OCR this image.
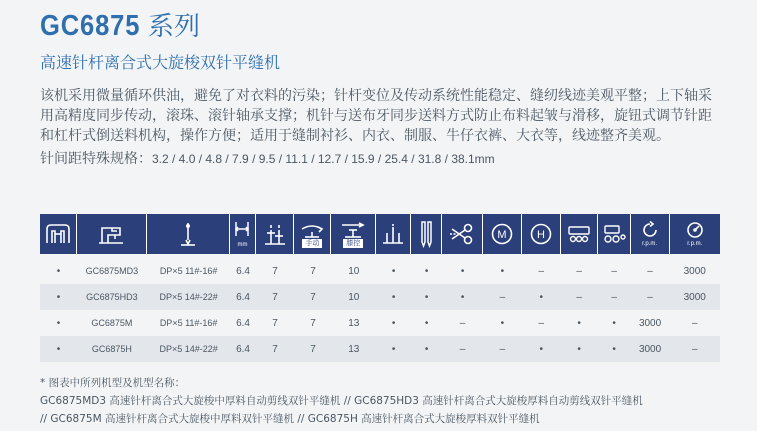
GC6875 系列
高速针杆离合式大旋梭双针平缝机

该机采用微量循环供油，避免了对衣料的污染；针杆变位及传动系统性能稳定、缝纫线迹美观平整；上下轴采

用高精度同步传动，滚珠、滚针轴承支撑；机针与送布牙同步送料方式防止布料起皱与滑移，旋钮式调节针距

和杠杆式倒送料机构，操作方便；适用于缝制衬衫、内衣、制服、牛仔衣裤、大衣等，线迹整齐美观。

针间距特殊规格：3.2 / 4.0 / 4.8 / 7.9 / 9.5 / 11.1 / 12.7 / 15.9 / 25.4 / 31.8 / 38.1mm
mm	手动	膝控
M	H
r.p.m.	r.p.m.
•	GC6875MD3	DP×5 11#-16#	6.4	7	7	10	•	•	•	•	–	–	–	–	3000
•	GC6875HD3	DP×5 14#-22#	6.4	7	7	10	•	•	•	–	•	–	–	–	3000
•	GC6875M	DP×5 11#-16#	6.4	7	7	13	•	•	–	•	–	•	•	3000	–
•	GC6875H	DP×5 14#-22#	6.4	7	7	13	•	•	–	–	•	•	•	3000	–

* 图表中所列机型及机型名称：

GC6875MD3 高速针杆离合式大旋梭中厚料自动剪线双针平缝机 // GC6875HD3 高速针杆离合式大旋梭厚料自动剪线双针平缝机

// GC6875M 高速针杆离合式大旋梭中厚料双针平缝机 // GC6875H 高速针杆离合式大旋梭厚料双针平缝机
